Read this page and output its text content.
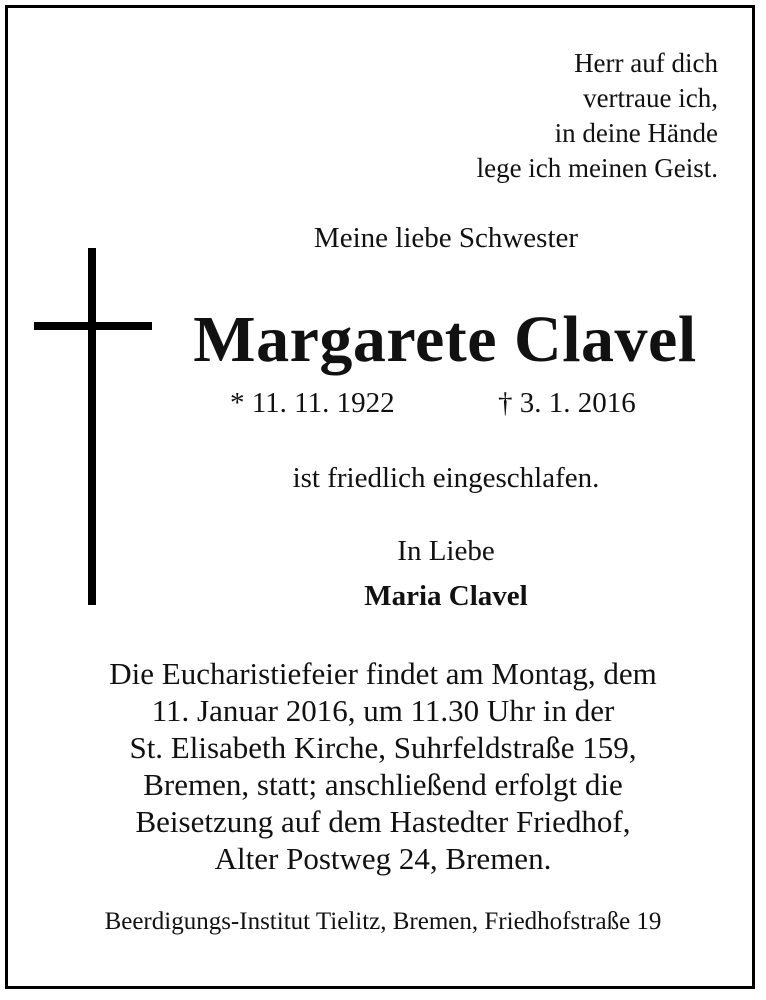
Herr auf dich
vertraue ich,
in deine Hände
lege ich meinen Geist.
Meine liebe Schwester
Margarete Clavel
* 11. 11. 1922	† 3. 1. 2016
ist friedlich eingeschlafen.
In Liebe
Maria Clavel
Die Eucharistiefeier findet am Montag, dem
11. Januar 2016, um 11.30 Uhr in der
St. Elisabeth Kirche, Suhrfeldstraße 159,
Bremen, statt; anschließend erfolgt die
Beisetzung auf dem Hastedter Friedhof,
Alter Postweg 24, Bremen.
Beerdigungs-Institut Tielitz, Bremen, Friedhofstraße 19
